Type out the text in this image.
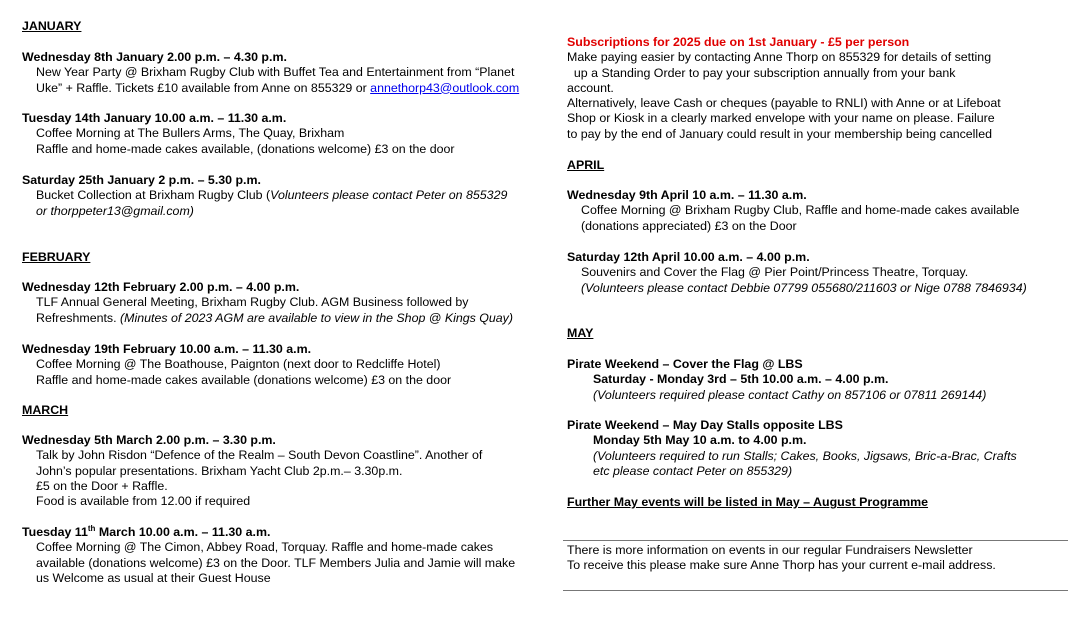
JANUARY
Wednesday 8th January 2.00 p.m. – 4.30 p.m.
New Year Party @ Brixham Rugby Club with Buffet Tea and Entertainment from “Planet
Uke” + Raffle. Tickets £10 available from Anne on 855329 or annethorp43@outlook.com
Tuesday 14th January 10.00 a.m. – 11.30 a.m.
Coffee Morning at The Bullers Arms, The Quay, Brixham
Raffle and home-made cakes available, (donations welcome) £3 on the door
Saturday 25th January 2 p.m. – 5.30 p.m.
Bucket Collection at Brixham Rugby Club (Volunteers please contact Peter on 855329
or thorppeter13@gmail.com)
FEBRUARY
Wednesday 12th February 2.00 p.m. – 4.00 p.m.
TLF Annual General Meeting, Brixham Rugby Club. AGM Business followed by
Refreshments. (Minutes of 2023 AGM are available to view in the Shop @ Kings Quay)
Wednesday 19th February 10.00 a.m. – 11.30 a.m.
Coffee Morning @ The Boathouse, Paignton (next door to Redcliffe Hotel)
Raffle and home-made cakes available (donations welcome) £3 on the door
MARCH
Wednesday 5th March 2.00 p.m. – 3.30 p.m.
Talk by John Risdon “Defence of the Realm – South Devon Coastline”. Another of
John’s popular presentations. Brixham Yacht Club 2p.m.– 3.30p.m.
£5 on the Door + Raffle.
Food is available from 12.00 if required
Tuesday 11th March 10.00 a.m. – 11.30 a.m.
Coffee Morning @ The Cimon, Abbey Road, Torquay. Raffle and home-made cakes
available (donations welcome) £3 on the Door. TLF Members Julia and Jamie will make
us Welcome as usual at their Guest House
Subscriptions for 2025 due on 1st January - £5 per person
Make paying easier by contacting Anne Thorp on 855329 for details of setting
up a Standing Order to pay your subscription annually from your bank
account.
Alternatively, leave Cash or cheques (payable to RNLI) with Anne or at Lifeboat
Shop or Kiosk in a clearly marked envelope with your name on please. Failure
to pay by the end of January could result in your membership being cancelled
APRIL
Wednesday 9th April 10 a.m. – 11.30 a.m.
Coffee Morning @ Brixham Rugby Club, Raffle and home-made cakes available
(donations appreciated) £3 on the Door
Saturday 12th April 10.00 a.m. – 4.00 p.m.
Souvenirs and Cover the Flag @ Pier Point/Princess Theatre, Torquay.
(Volunteers please contact Debbie 07799 055680/211603 or Nige 0788 7846934)
MAY
Pirate Weekend – Cover the Flag @ LBS
Saturday - Monday 3rd – 5th 10.00 a.m. – 4.00 p.m.
(Volunteers required please contact Cathy on 857106 or 07811 269144)
Pirate Weekend – May Day Stalls opposite LBS
Monday 5th May 10 a.m. to 4.00 p.m.
(Volunteers required to run Stalls; Cakes, Books, Jigsaws, Bric-a-Brac, Crafts
etc please contact Peter on 855329)
Further May events will be listed in May – August Programme
There is more information on events in our regular Fundraisers Newsletter
To receive this please make sure Anne Thorp has your current e-mail address.
